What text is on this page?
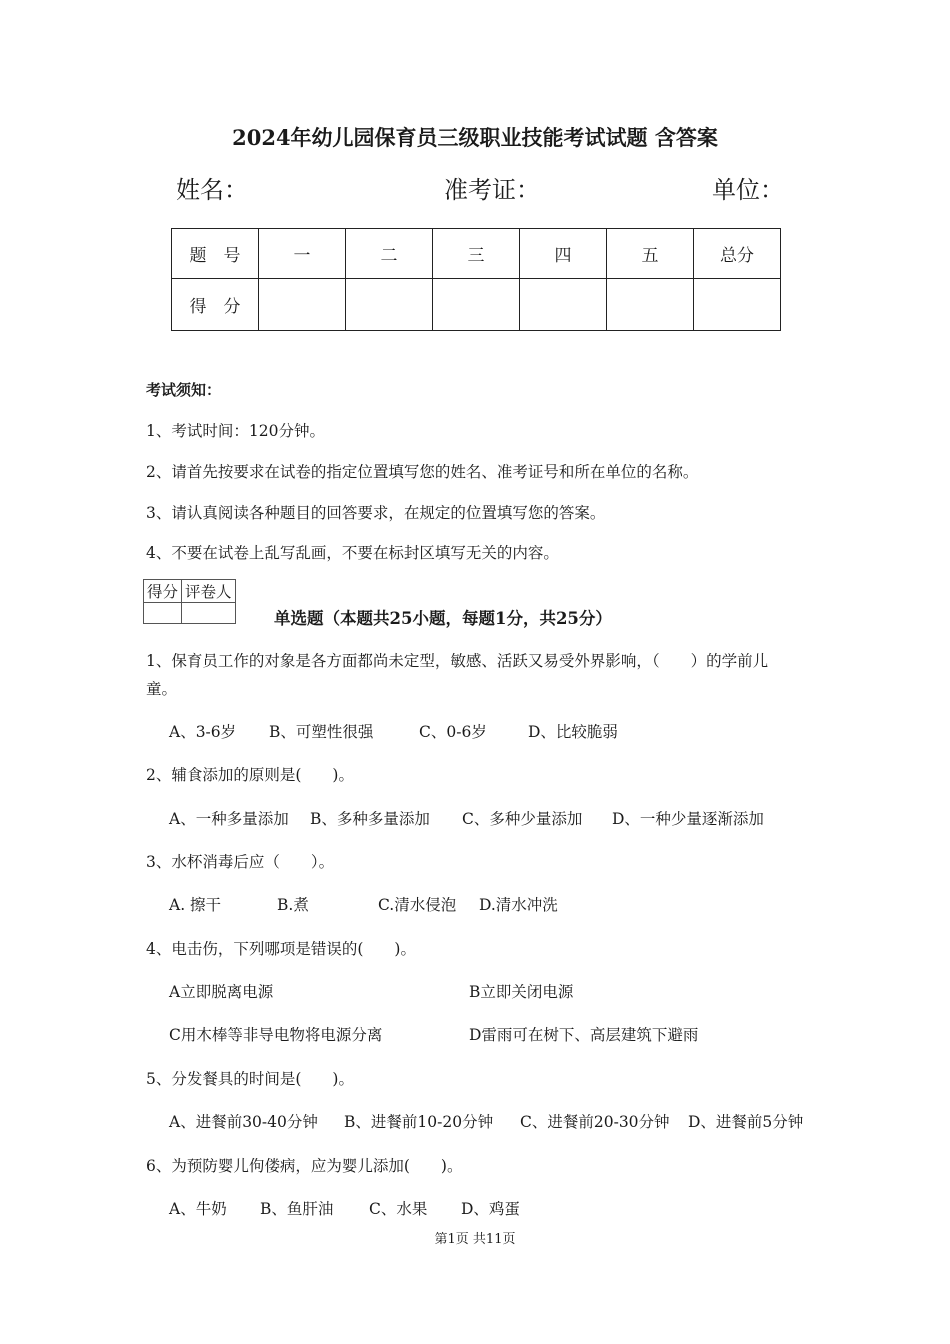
2024年幼儿园保育员三级职业技能考试试题 含答案
姓名：	准考证：	单位：
题　号	一	二	三	四	五	总分
得　分						
考试须知：
1、考试时间：120分钟。
2、请首先按要求在试卷的指定位置填写您的姓名、准考证号和所在单位的名称。
3、请认真阅读各种题目的回答要求，在规定的位置填写您的答案。
4、不要在试卷上乱写乱画，不要在标封区填写无关的内容。
得分	评卷人

单选题（本题共25小题，每题1分，共25分）
1、保育员工作的对象是各方面都尚未定型，敏感、活跃又易受外界影响，（　　）的学前儿
童。
A、3-6岁 B、可塑性很强	C、0-6岁	D、比较脆弱
2、辅食添加的原则是(　　)。
A、一种多量添加 B、多种多量添加 C、多种少量添加 D、一种少量逐渐添加
3、水杯消毒后应（　　）。
A. 擦干	B.煮	C.清水侵泡 D.清水冲洗
4、电击伤，下列哪项是错误的(　　)。
A立即脱离电源	B立即关闭电源
C用木棒等非导电物将电源分离	D雷雨可在树下、高层建筑下避雨
5、分发餐具的时间是(　　)。
A、进餐前30-40分钟 B、进餐前10-20分钟 C、进餐前20-30分钟 D、进餐前5分钟
6、为预防婴儿佝偻病，应为婴儿添加(　　)。
A、牛奶 B、鱼肝油 C、水果 D、鸡蛋
第1页 共11页
